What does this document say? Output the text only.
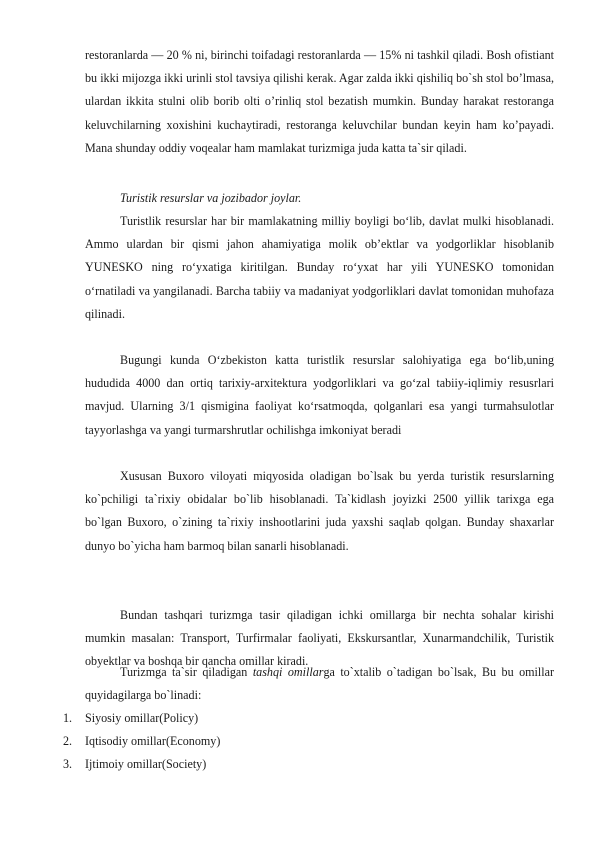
restoranlarda — 20 % ni, birinchi toifadagi restoranlarda — 15% ni tashkil qiladi. Bosh ofistiant bu ikki mijozga ikki urinli stol tavsiya qilishi kerak. Agar zalda ikki qishiliq bo`sh stol bo’lmasa, ulardan ikkita stulni olib borib olti o’rinliq stol bezatish mumkin. Bunday harakat restoranga keluvchilarning xoxishini kuchaytiradi, restoranga keluvchilar bundan keyin ham ko’payadi. Mana shunday oddiy voqealar ham mamlakat turizmiga juda katta ta`sir qiladi.

Turistik resurslar va jozibador joylar.

Turistlik resurslar har bir mamlakatning milliy boyligi bo‘lib, davlat mulki hisoblanadi. Ammo ulardan bir qismi jahon ahamiyatiga molik ob’ektlar va yodgorliklar hisoblanib YUNESKO ning ro‘yxatiga kiritilgan. Bunday ro‘yxat har yili YUNESKO tomonidan o‘rnatiladi va yangilanadi. Barcha tabiiy va madaniyat yodgorliklari davlat tomonidan muhofaza qilinadi.

Bugungi kunda O‘zbekiston katta turistlik resurslar salohiyatiga ega bo‘lib,uning hududida 4000 dan ortiq tarixiy-arxitektura yodgorliklari va go‘zal tabiiy-iqlimiy resusrlari mavjud. Ularning 3/1 qismigina faoliyat ko‘rsatmoqda, qolganlari esa yangi turmahsulotlar tayyorlashga va yangi turmarshrutlar ochilishga imkoniyat beradi

Xususan Buxoro viloyati miqyosida oladigan bo`lsak bu yerda turistik resurslarning ko`pchiligi ta`rixiy obidalar bo`lib hisoblanadi. Ta`kidlash joyizki 2500 yillik tarixga ega bo`lgan Buxoro, o`zining ta`rixiy inshootlarini juda yaxshi saqlab qolgan. Bunday shaxarlar dunyo bo`yicha ham barmoq bilan sanarli hisoblanadi.

Bundan tashqari turizmga tasir qiladigan ichki omillarga bir nechta sohalar kirishi mumkin masalan: Transport, Turfirmalar faoliyati, Ekskursantlar, Xunarmandchilik, Turistik obyektlar va boshqa bir qancha omillar kiradi.

Turizmga ta`sir qiladigan tashqi omillarga to`xtalib o`tadigan bo`lsak, Bu bu omillar quyidagilarga bo`linadi:

1. Siyosiy omillar(Policy)
2. Iqtisodiy omillar(Economy)
3. Ijtimoiy omillar(Society)
